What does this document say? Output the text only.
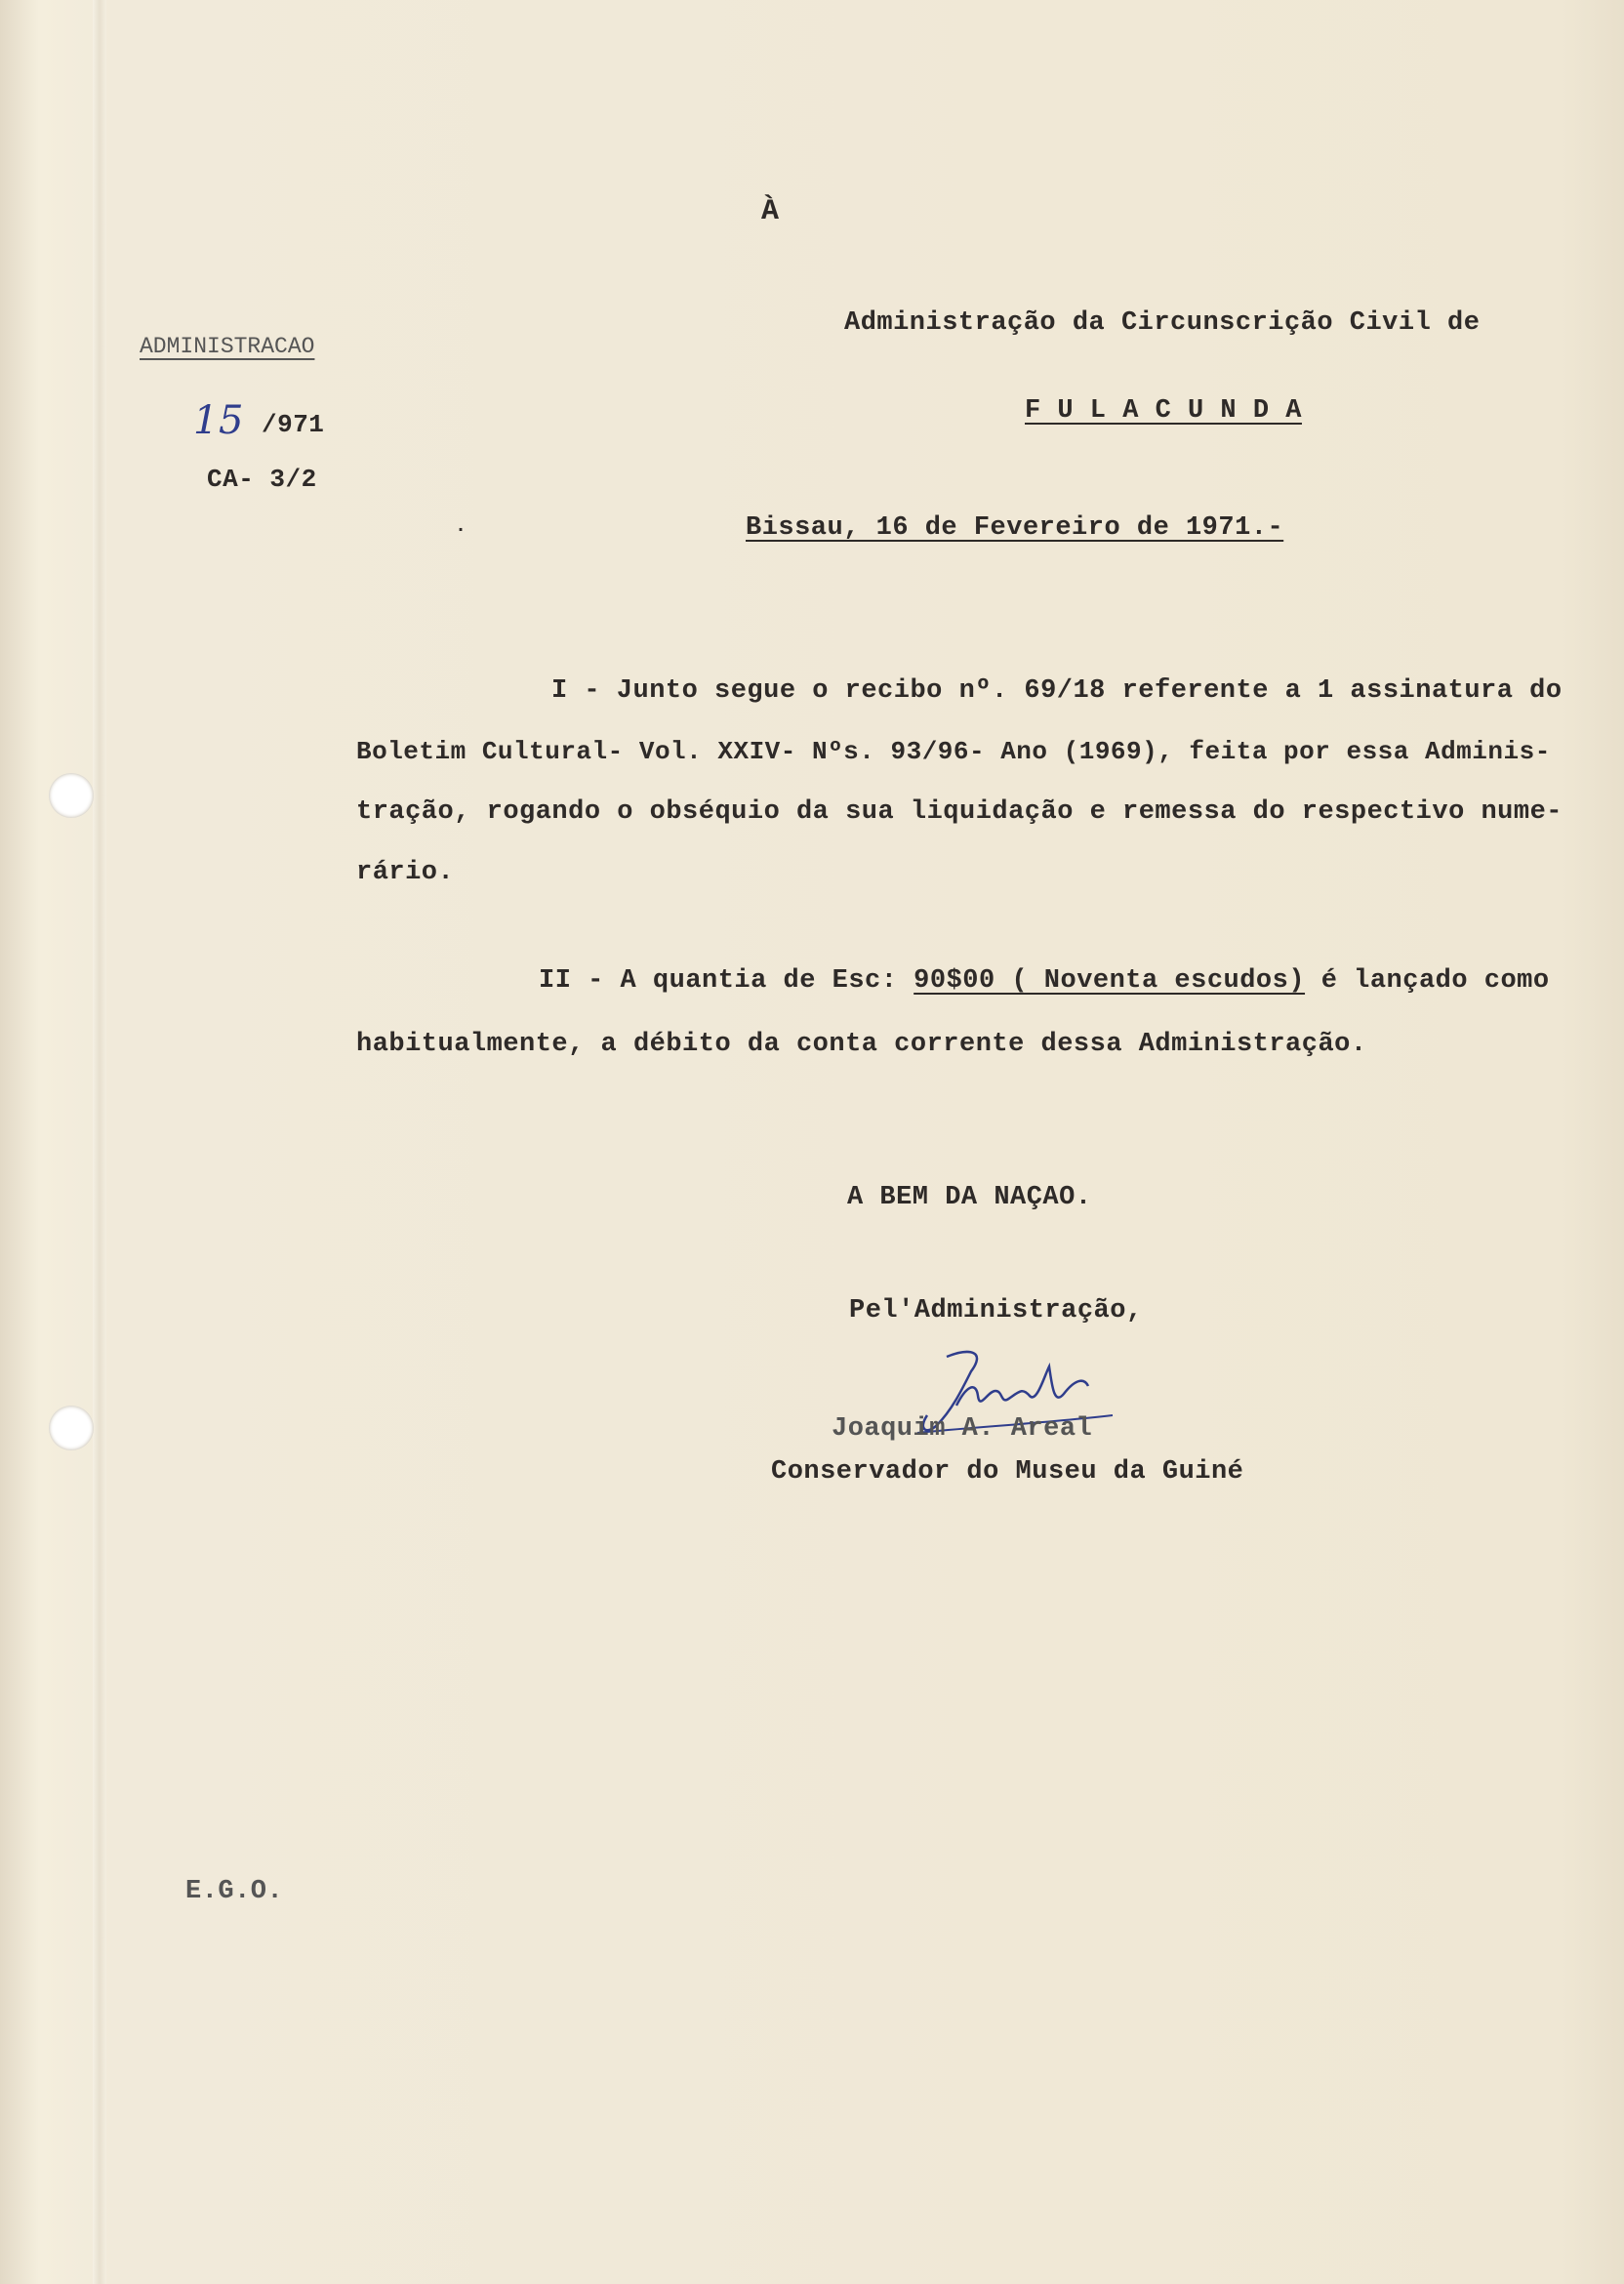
ADMINISTRACAO
15 /971
CA- 3/2
À
Administração da Circunscrição Civil de
F U L A C U N D A
Bissau, 16 de Fevereiro de 1971.-
.
I - Junto segue o recibo nº. 69/18 referente a 1 assinatura do
Boletim Cultural- Vol. XXIV- Nºs. 93/96- Ano (1969), feita por essa Adminis-
tração, rogando o obséquio da sua liquidação e remessa do respectivo nume-
rário.
II - A quantia de Esc: 90$00 ( Noventa escudos) é lançado como
habitualmente, a débito da conta corrente dessa Administração.
A BEM DA NAÇAO.
Pel'Administração,
Joaquim A. Areal
Conservador do Museu da Guiné
E.G.O.
